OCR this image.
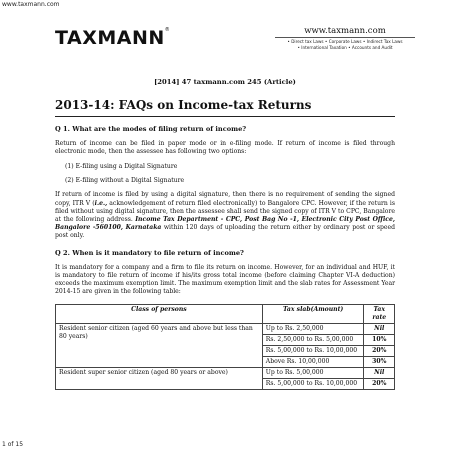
www.taxmann.com
TAXMANN®	www.taxmann.com
• Direct tax Laws • Corporate Laws • Indirect Tax Laws
• International Taxation • Accounts and Audit
[2014] 47 taxmann.com 245 (Article)
2013-14: FAQs on Income-tax Returns
Q 1. What are the modes of filing return of income?

Return of income can be filed in paper mode or in e-filing mode. If return of income is filed through electronic mode, then the assessee has following two options:

(1) E-filing using a Digital Signature
(2) E-filing without a Digital Signature

If return of income is filed by using a digital signature, then there is no requirement of sending the signed copy, ITR V (i.e., acknowledgement of return filed electronically) to Bangalore CPC. However, if the return is filed without using digital signature, then the assessee shall send the signed copy of ITR V to CPC, Bangalore at the following address. Income Tax Department - CPC, Post Bag No -1, Electronic City Post Office, Bangalore -560100, Karnataka within 120 days of uploading the return either by ordinary post or speed post only.

Q 2. When is it mandatory to file return of income?

It is mandatory for a company and a firm to file its return on income. However, for an individual and HUF, it is mandatory to file return of income if his/its gross total income (before claiming Chapter VI-A deduction) exceeds the maximum exemption limit. The maximum exemption limit and the slab rates for Assessment Year 2014-15 are given in the following table:

Class of persons	Tax slab(Amount)	Tax rate
Resident senior citizen (aged 60 years and above but less than 80 years)	Up to Rs. 2,50,000	Nil
	Rs. 2,50,000 to Rs. 5,00,000	10%
	Rs. 5,00,000 to Rs. 10,00,000	20%
	Above Rs. 10,00,000	30%
Resident super senior citizen (aged 80 years or above)	Up to Rs. 5,00,000	Nil
	Rs. 5,00,000 to Rs. 10,00,000	20%
1 of 15
